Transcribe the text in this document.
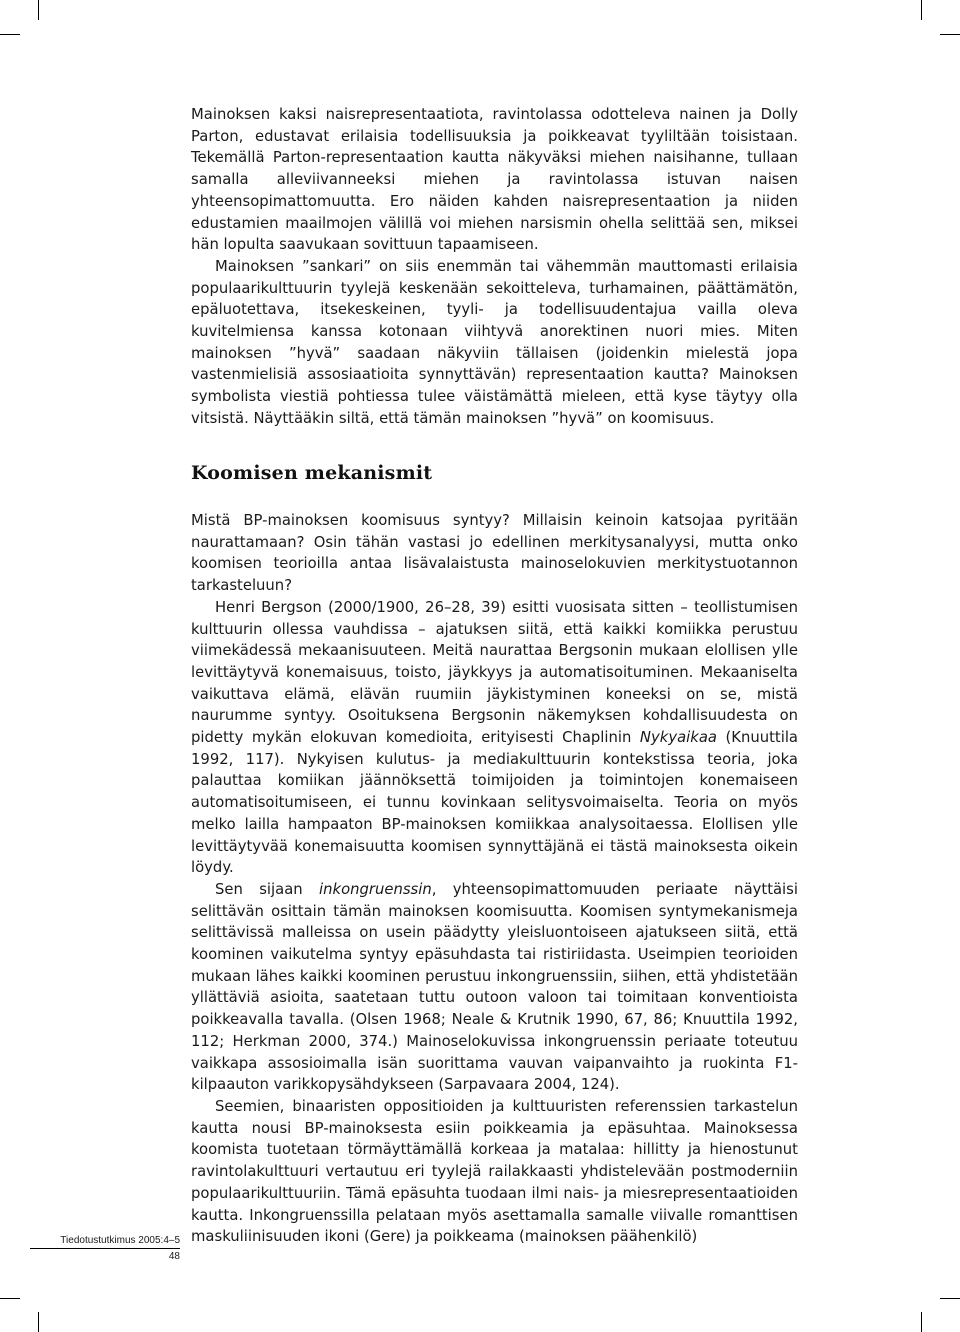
Mainoksen kaksi naisrepresentaatiota, ravintolassa odotteleva nainen ja Dolly Parton, edustavat erilaisia todellisuuksia ja poikkeavat tyyliltään toisistaan. Tekemällä Parton-representaation kautta näkyväksi miehen naisihanne, tullaan samalla alleviivanneeksi miehen ja ravintolassa istuvan naisen yhteensopimattomuutta. Ero näiden kahden naisrepresentaation ja niiden edustamien maailmojen välillä voi miehen narsismin ohella selittää sen, miksei hän lopulta saavukaan sovittuun tapaamiseen.

Mainoksen ”sankari” on siis enemmän tai vähemmän mauttomasti erilaisia populaarikulttuurin tyylejä keskenään sekoitteleva, turhamainen, päättämätön, epäluotettava, itsekeskeinen, tyyli- ja todellisuudentajua vailla oleva kuvitelmiensa kanssa kotonaan viihtyvä anorektinen nuori mies. Miten mainoksen ”hyvä” saadaan näkyviin tällaisen (joidenkin mielestä jopa vastenmielisiä assosiaatioita synnyttävän) representaation kautta? Mainoksen symbolista viestiä pohtiessa tulee väistämättä mieleen, että kyse täytyy olla vitsistä. Näyttääkin siltä, että tämän mainoksen ”hyvä” on koomisuus.

Koomisen mekanismit

Mistä BP-mainoksen koomisuus syntyy? Millaisin keinoin katsojaa pyritään naurattamaan? Osin tähän vastasi jo edellinen merkitysanalyysi, mutta onko koomisen teorioilla antaa lisävalaistusta mainoselokuvien merkitystuotannon tarkasteluun?

Henri Bergson (2000/1900, 26–28, 39) esitti vuosisata sitten – teollistumisen kulttuurin ollessa vauhdissa – ajatuksen siitä, että kaikki komiikka perustuu viimekädessä mekaanisuuteen. Meitä naurattaa Bergsonin mukaan elollisen ylle levittäytyvä konemaisuus, toisto, jäykkyys ja automatisoituminen. Mekaaniselta vaikuttava elämä, elävän ruumiin jäykistyminen koneeksi on se, mistä naurumme syntyy. Osoituksena Bergsonin näkemyksen kohdallisuudesta on pidetty mykän elokuvan komedioita, erityisesti Chaplinin Nykyaikaa (Knuuttila 1992, 117). Nykyisen kulutus- ja mediakulttuurin kontekstissa teoria, joka palauttaa komiikan jäännöksettä toimijoiden ja toimintojen konemaiseen automatisoitumiseen, ei tunnu kovinkaan selitysvoimaiselta. Teoria on myös melko lailla hampaaton BP-mainoksen komiikkaa analysoitaessa. Elollisen ylle levittäytyvää konemaisuutta koomisen synnyttäjänä ei tästä mainoksesta oikein löydy.

Sen sijaan inkongruenssin, yhteensopimattomuuden periaate näyttäisi selittävän osittain tämän mainoksen koomisuutta. Koomisen syntymekanismeja selittävissä malleissa on usein päädytty yleisluontoiseen ajatukseen siitä, että koominen vaikutelma syntyy epäsuhdasta tai ristiriidasta. Useimpien teorioiden mukaan lähes kaikki koominen perustuu inkongruenssiin, siihen, että yhdistetään yllättäviä asioita, saatetaan tuttu outoon valoon tai toimitaan konventioista poikkeavalla tavalla. (Olsen 1968; Neale & Krutnik 1990, 67, 86; Knuuttila 1992, 112; Herkman 2000, 374.) Mainoselokuvissa inkongruenssin periaate toteutuu vaikkapa assosioimalla isän suorittama vauvan vaipanvaihto ja ruokinta F1-kilpaauton varikkopysähdykseen (Sarpavaara 2004, 124).

Seemien, binaaristen oppositioiden ja kulttuuristen referenssien tarkastelun kautta nousi BP-mainoksesta esiin poikkeamia ja epäsuhtaa. Mainoksessa koomista tuotetaan törmäyttämällä korkeaa ja matalaa: hillitty ja hienostunut ravintolakulttuuri vertautuu eri tyylejä railakkaasti yhdistelevään postmoderniin populaarikulttuuriin. Tämä epäsuhta tuodaan ilmi nais- ja miesrepresentaatioiden kautta. Inkongruenssilla pelataan myös asettamalla samalle viivalle romanttisen maskuliinisuuden ikoni (Gere) ja poikkeama (mainoksen päähenkilö)

Tiedotustutkimus 2005:4–5
48
